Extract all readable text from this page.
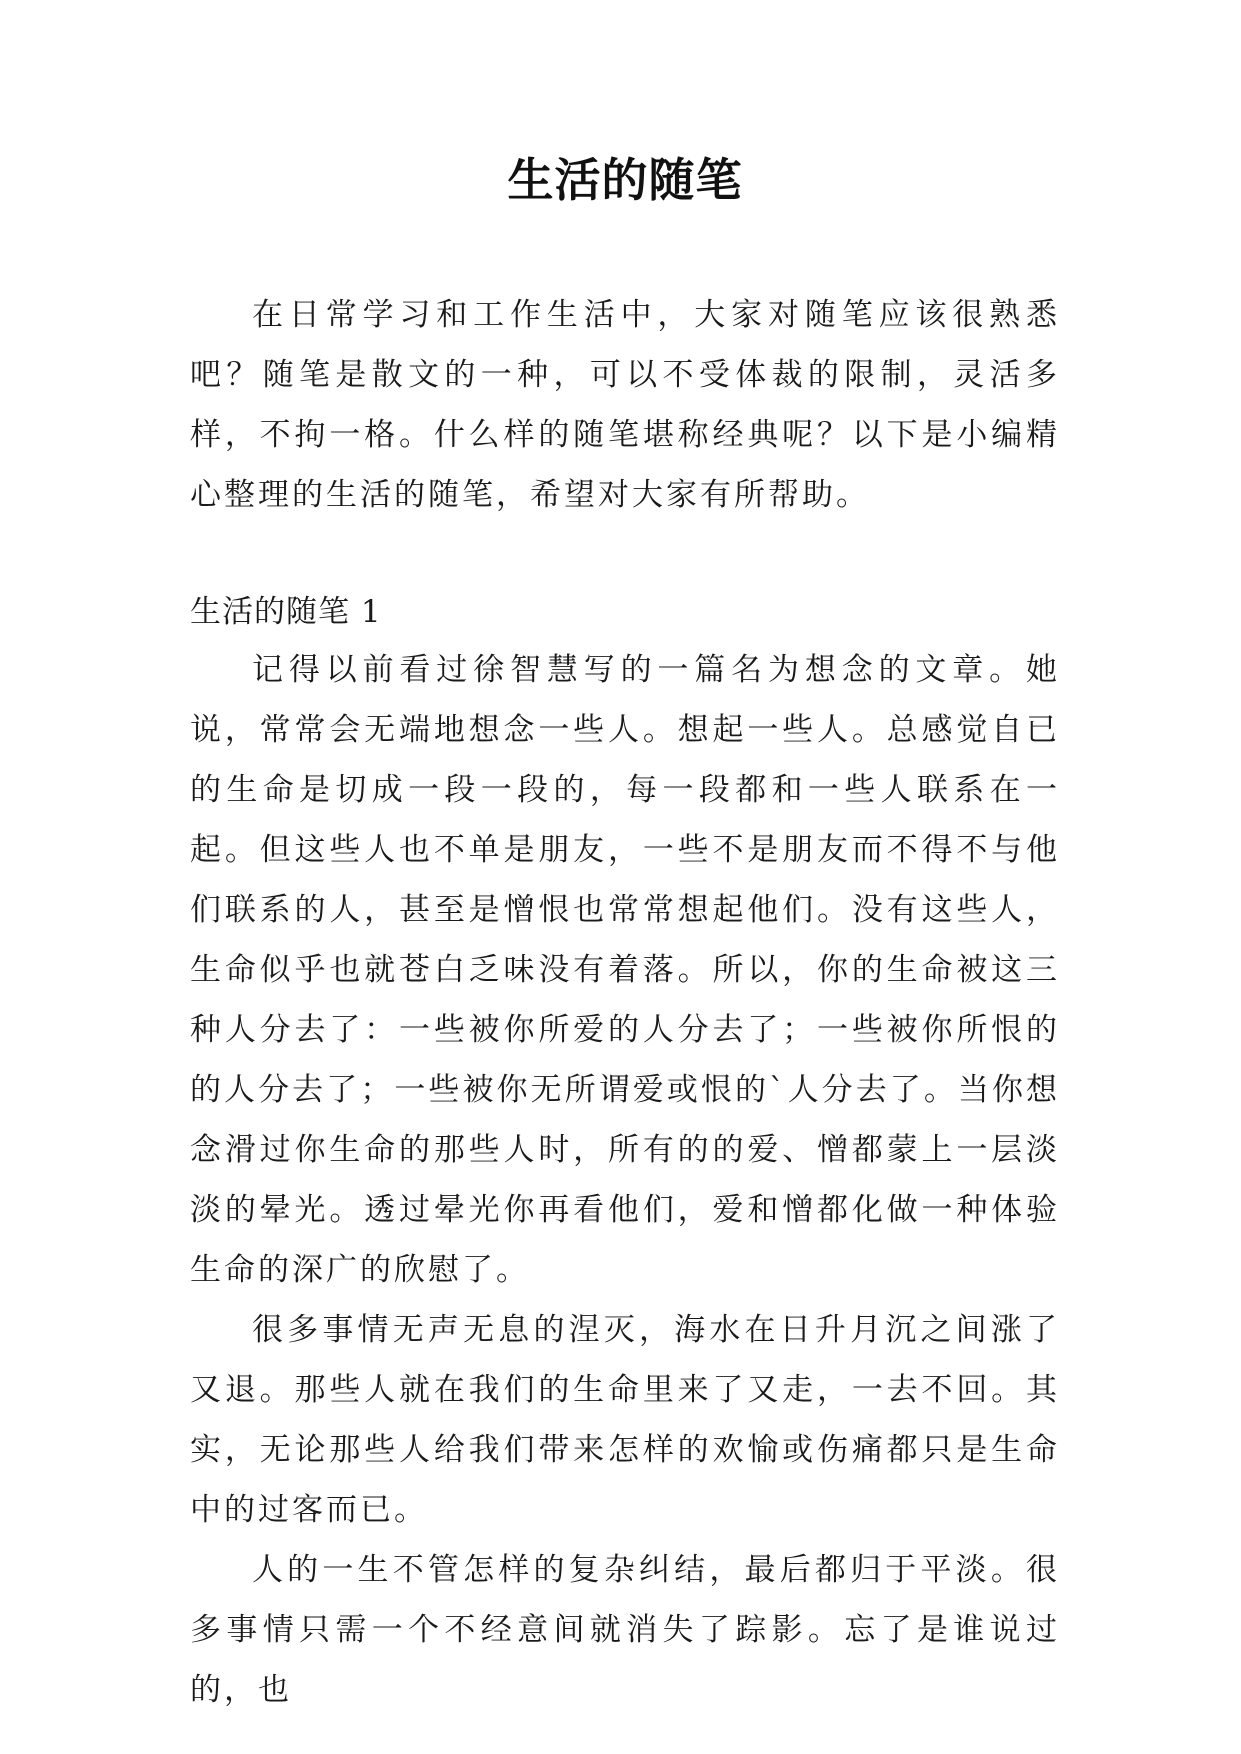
生活的随笔

在日常学习和工作生活中，大家对随笔应该很熟悉吧？随笔是散文的一种，可以不受体裁的限制，灵活多样，不拘一格。什么样的随笔堪称经典呢？以下是小编精心整理的生活的随笔，希望对大家有所帮助。

生活的随笔 1

记得以前看过徐智慧写的一篇名为想念的文章。她说，常常会无端地想念一些人。想起一些人。总感觉自已的生命是切成一段一段的，每一段都和一些人联系在一起。但这些人也不单是朋友，一些不是朋友而不得不与他们联系的人，甚至是憎恨也常常想起他们。没有这些人，生命似乎也就苍白乏味没有着落。所以，你的生命被这三种人分去了：一些被你所爱的人分去了；一些被你所恨的的人分去了；一些被你无所谓爱或恨的`人分去了。当你想念滑过你生命的那些人时，所有的的爱、憎都蒙上一层淡淡的晕光。透过晕光你再看他们，爱和憎都化做一种体验生命的深广的欣慰了。

很多事情无声无息的涅灭，海水在日升月沉之间涨了又退。那些人就在我们的生命里来了又走，一去不回。其实，无论那些人给我们带来怎样的欢愉或伤痛都只是生命中的过客而已。

人的一生不管怎样的复杂纠结，最后都归于平淡。很多事情只需一个不经意间就消失了踪影。忘了是谁说过的，也
